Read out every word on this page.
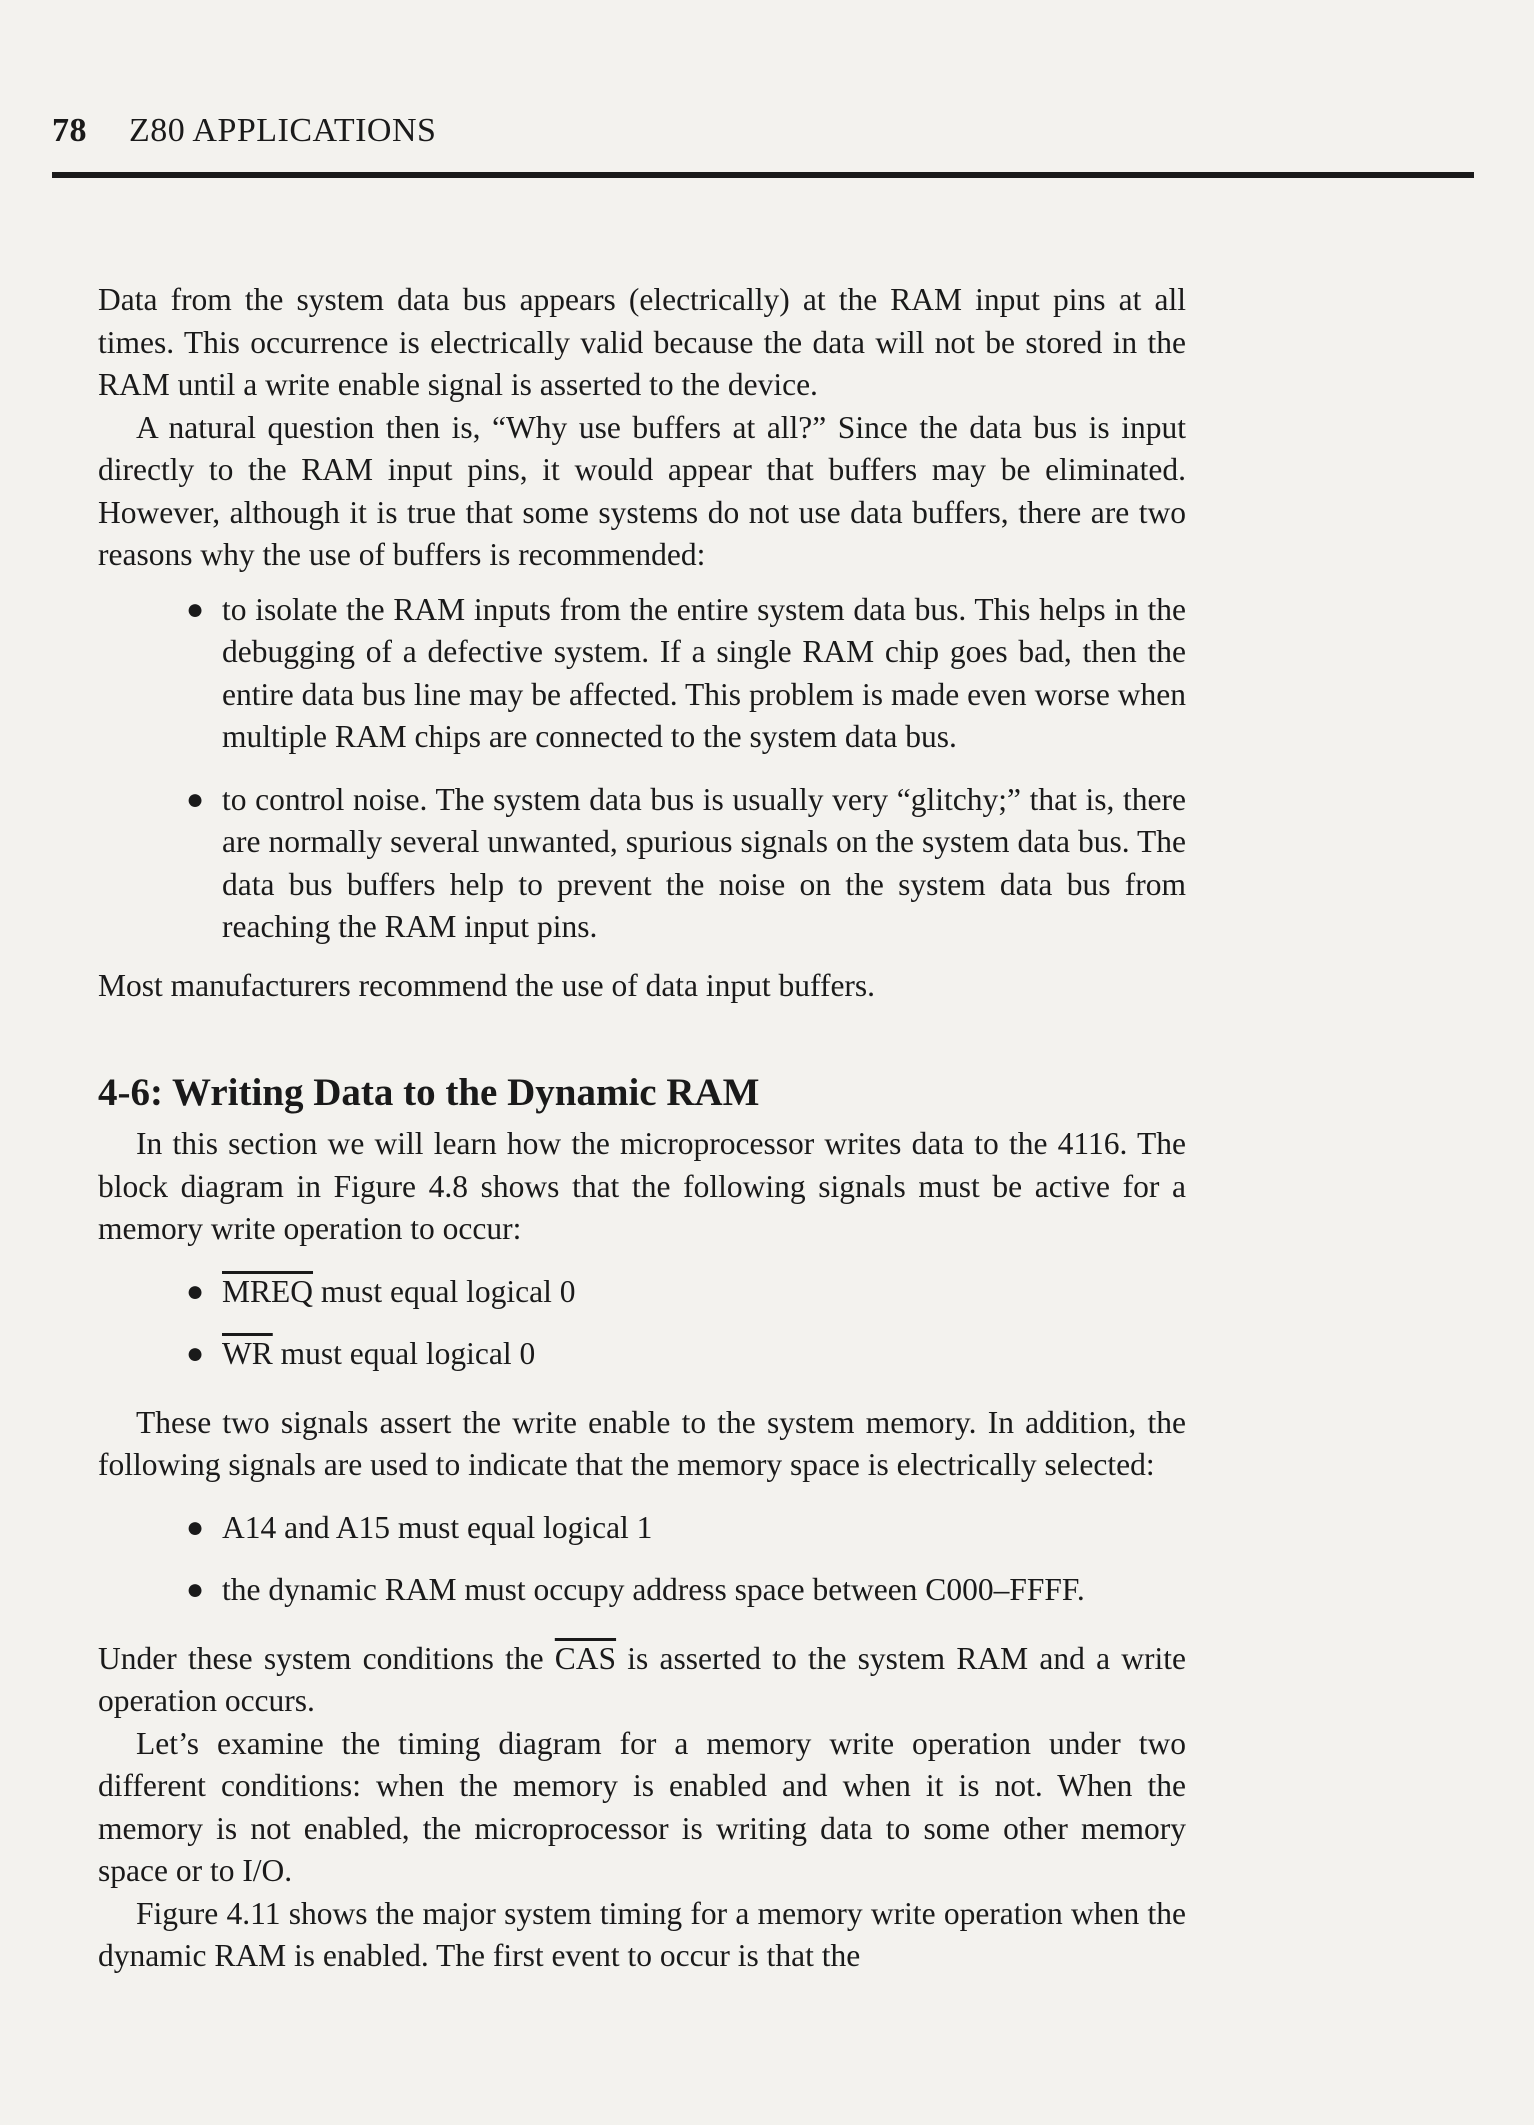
78 Z80 APPLICATIONS

Data from the system data bus appears (electrically) at the RAM input pins at all times. This occurrence is electrically valid because the data will not be stored in the RAM until a write enable signal is asserted to the device.

A natural question then is, “Why use buffers at all?” Since the data bus is input directly to the RAM input pins, it would appear that buffers may be eliminated. However, although it is true that some systems do not use data buffers, there are two reasons why the use of buffers is recommended:

● to isolate the RAM inputs from the entire system data bus. This helps in the debugging of a defective system. If a single RAM chip goes bad, then the entire data bus line may be affected. This problem is made even worse when multiple RAM chips are connected to the system data bus.
● to control noise. The system data bus is usually very “glitchy;” that is, there are normally several unwanted, spurious signals on the system data bus. The data bus buffers help to prevent the noise on the system data bus from reaching the RAM input pins.

Most manufacturers recommend the use of data input buffers.

4-6: Writing Data to the Dynamic RAM

In this section we will learn how the microprocessor writes data to the 4116. The block diagram in Figure 4.8 shows that the following signals must be active for a memory write operation to occur:

● MREQ must equal logical 0
● $\overline{WR}$ must equal logical 0

These two signals assert the write enable to the system memory. In addition, the following signals are used to indicate that the memory space is electrically selected:

● A14 and A15 must equal logical 1
● the dynamic RAM must occupy address space between C000–FFFF.

Under these system conditions the $\overline{CAS}$ is asserted to the system RAM and a write operation occurs.

Let’s examine the timing diagram for a memory write operation under two different conditions: when the memory is enabled and when it is not. When the memory is not enabled, the microprocessor is writing data to some other memory space or to I/O.

Figure 4.11 shows the major system timing for a memory write operation when the dynamic RAM is enabled. The first event to occur is that the
